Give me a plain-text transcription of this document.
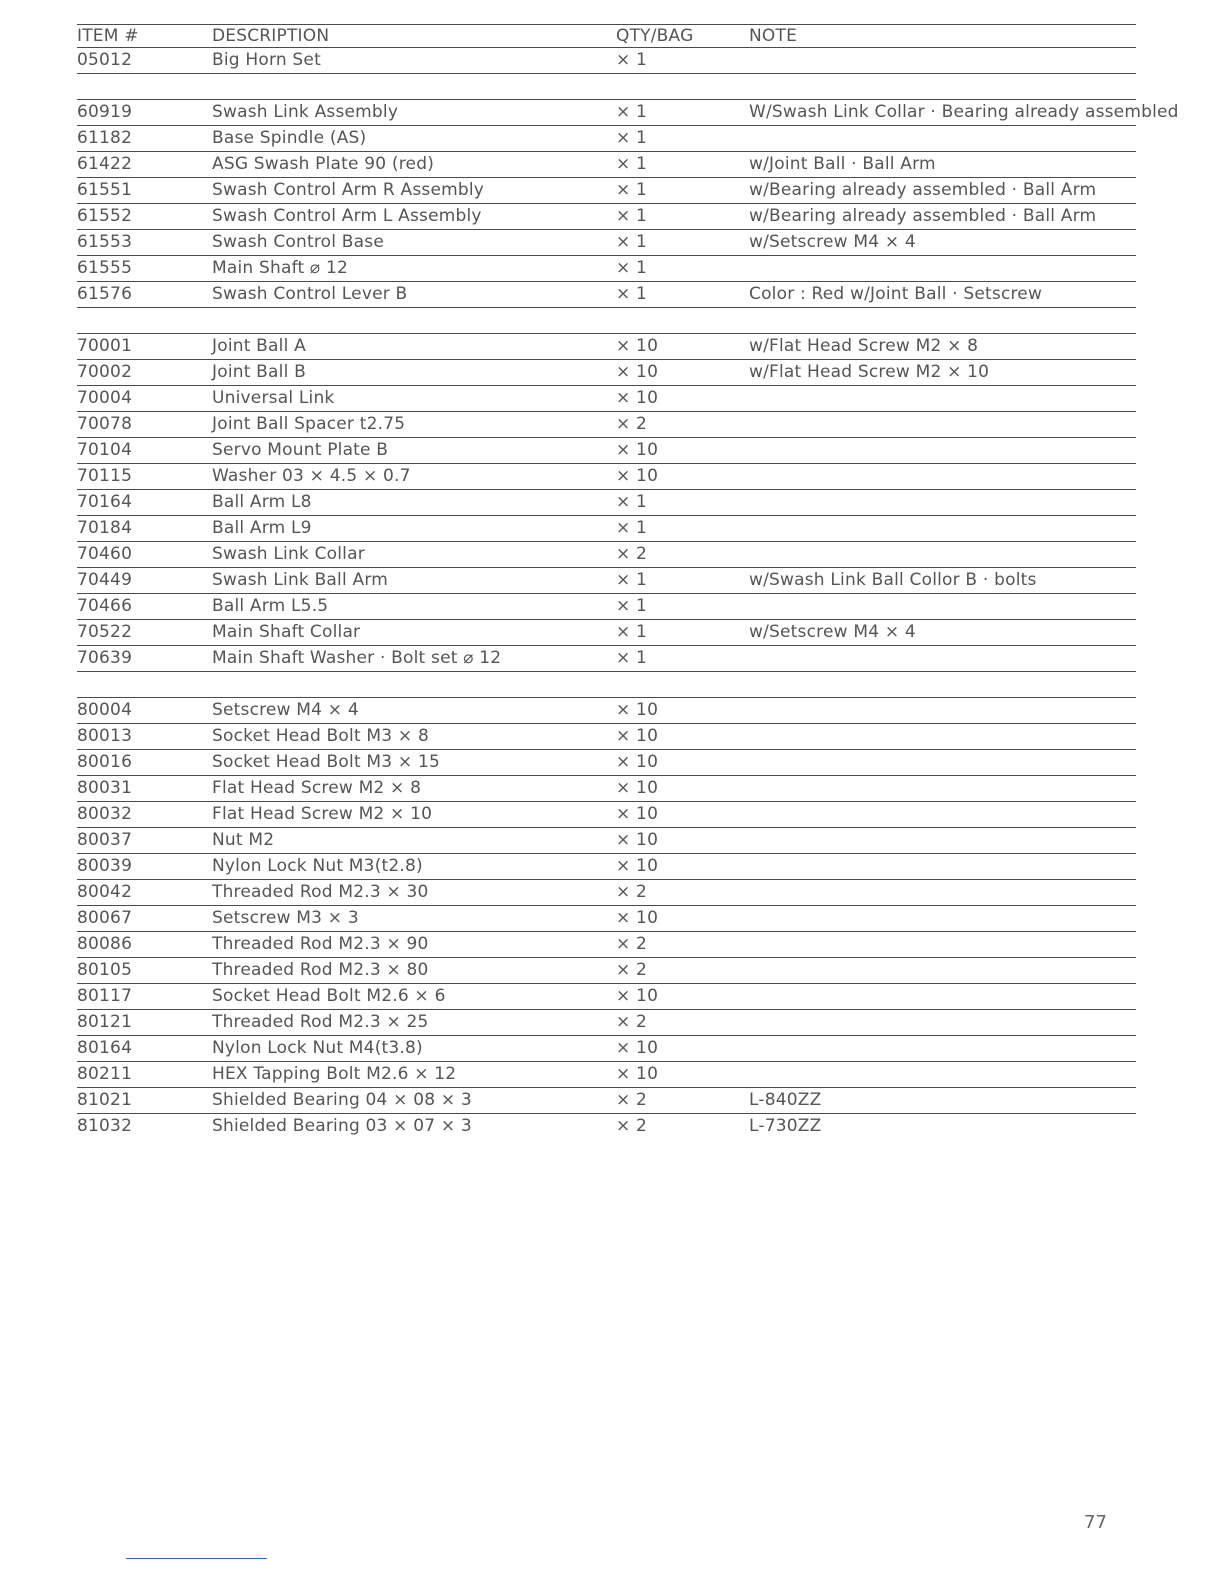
ITEM #	DESCRIPTION	QTY/BAG	NOTE
05012	Big Horn Set	× 1
60919	Swash Link Assembly	× 1	W/Swash Link Collar · Bearing already assembled
61182	Base Spindle (AS)	× 1
61422	ASG Swash Plate 90 (red)	× 1	w/Joint Ball · Ball Arm
61551	Swash Control Arm R Assembly	× 1	w/Bearing already assembled · Ball Arm
61552	Swash Control Arm L Assembly	× 1	w/Bearing already assembled · Ball Arm
61553	Swash Control Base	× 1	w/Setscrew M4 × 4
61555	Main Shaft ⌀ 12	× 1
61576	Swash Control Lever B	× 1	Color : Red w/Joint Ball · Setscrew
70001	Joint Ball A	× 10	w/Flat Head Screw M2 × 8
70002	Joint Ball B	× 10	w/Flat Head Screw M2 × 10
70004	Universal Link	× 10
70078	Joint Ball Spacer t2.75	× 2
70104	Servo Mount Plate B	× 10
70115	Washer 03 × 4.5 × 0.7	× 10
70164	Ball Arm L8	× 1
70184	Ball Arm L9	× 1
70460	Swash Link Collar	× 2
70449	Swash Link Ball Arm	× 1	w/Swash Link Ball Collor B · bolts
70466	Ball Arm L5.5	× 1
70522	Main Shaft Collar	× 1	w/Setscrew M4 × 4
70639	Main Shaft Washer · Bolt set ⌀ 12	× 1
80004	Setscrew M4 × 4	× 10
80013	Socket Head Bolt M3 × 8	× 10
80016	Socket Head Bolt M3 × 15	× 10
80031	Flat Head Screw M2 × 8	× 10
80032	Flat Head Screw M2 × 10	× 10
80037	Nut M2	× 10
80039	Nylon Lock Nut M3(t2.8)	× 10
80042	Threaded Rod M2.3 × 30	× 2
80067	Setscrew M3 × 3	× 10
80086	Threaded Rod M2.3 × 90	× 2
80105	Threaded Rod M2.3 × 80	× 2
80117	Socket Head Bolt M2.6 × 6	× 10
80121	Threaded Rod M2.3 × 25	× 2
80164	Nylon Lock Nut M4(t3.8)	× 10
80211	HEX Tapping Bolt M2.6 × 12	× 10
81021	Shielded Bearing 04 × 08 × 3	× 2	L-840ZZ
81032	Shielded Bearing 03 × 07 × 3	× 2	L-730ZZ
77
